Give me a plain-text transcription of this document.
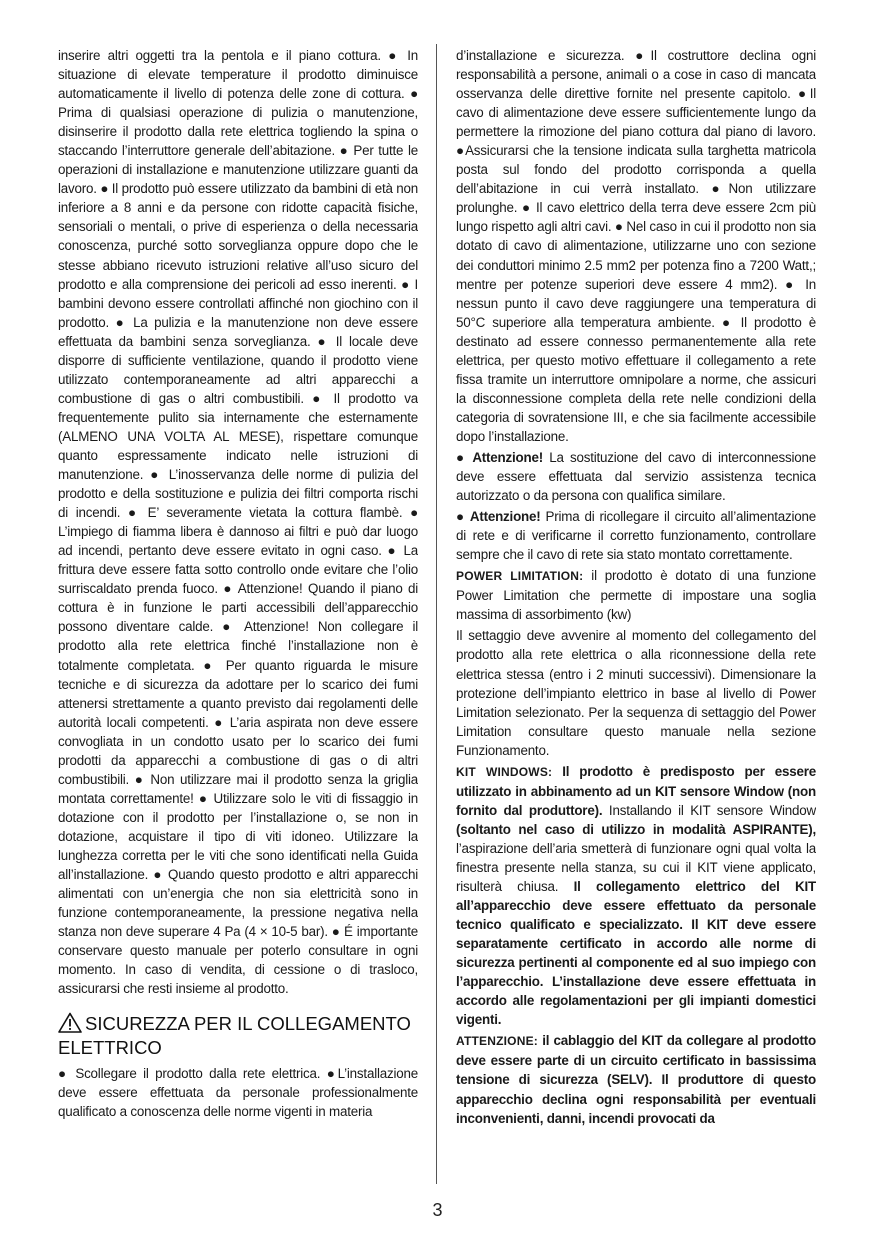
inserire altri oggetti tra la pentola e il piano cottura. ● In situazione di elevate temperature il prodotto diminuisce automaticamente il livello di potenza delle zone di cottura. ● Prima di qualsiasi operazione di pulizia o manutenzione, disinserire il prodotto dalla rete elettrica togliendo la spina o staccando l’interruttore generale dell’abitazione. ● Per tutte le operazioni di installazione e manutenzione utilizzare guanti da lavoro. ● Il prodotto può essere utilizzato da bambini di età non inferiore a 8 anni e da persone con ridotte capacità fisiche, sensoriali o mentali, o prive di esperienza o della necessaria conoscenza, purché sotto sorveglianza oppure dopo che le stesse abbiano ricevuto istruzioni relative all’uso sicuro del prodotto e alla comprensione dei pericoli ad esso inerenti. ● I bambini devono essere controllati affinché non giochino con il prodotto. ● La pulizia e la manutenzione non deve essere effettuata da bambini senza sorveglianza. ● Il locale deve disporre di sufficiente ventilazione, quando il prodotto viene utilizzato contemporaneamente ad altri apparecchi a combustione di gas o altri combustibili. ● Il prodotto va frequentemente pulito sia internamente che esternamente (ALMENO UNA VOLTA AL MESE), rispettare comunque quanto espressamente indicato nelle istruzioni di manutenzione. ● L’inosservanza delle norme di pulizia del prodotto e della sostituzione e pulizia dei filtri comporta rischi di incendi. ● E’ severamente vietata la cottura flambè. ● L’impiego di fiamma libera è dannoso ai filtri e può dar luogo ad incendi, pertanto deve essere evitato in ogni caso. ● La frittura deve essere fatta sotto controllo onde evitare che l’olio surriscaldato prenda fuoco. ● Attenzione! Quando il piano di cottura è in funzione le parti accessibili dell’apparecchio possono diventare calde. ● Attenzione! Non collegare il prodotto alla rete elettrica finché l’installazione non è totalmente completata. ● Per quanto riguarda le misure tecniche e di sicurezza da adottare per lo scarico dei fumi attenersi strettamente a quanto previsto dai regolamenti delle autorità locali competenti. ● L’aria aspirata non deve essere convogliata in un condotto usato per lo scarico dei fumi prodotti da apparecchi a combustione di gas o di altri combustibili. ● Non utilizzare mai il prodotto senza la griglia montata correttamente! ● Utilizzare solo le viti di fissaggio in dotazione con il prodotto per l’installazione o, se non in dotazione, acquistare il tipo di viti idoneo. Utilizzare la lunghezza corretta per le viti che sono identificati nella Guida all’installazione. ● Quando questo prodotto e altri apparecchi alimentati con un’energia che non sia elettricità sono in funzione contemporaneamente, la pressione negativa nella stanza non deve superare 4 Pa (4 × 10-5 bar). ● É importante conservare questo manuale per poterlo consultare in ogni momento. In caso di vendita, di cessione o di trasloco, assicurarsi che resti insieme al prodotto.

SICUREZZA PER IL COLLEGAMENTO ELETTRICO

● Scollegare il prodotto dalla rete elettrica. ●L’installazione deve essere effettuata da personale professionalmente qualificato a conoscenza delle norme vigenti in materia

d’installazione e sicurezza. ●Il costruttore declina ogni responsabilità a persone, animali o a cose in caso di mancata osservanza delle direttive fornite nel presente capitolo. ●Il cavo di alimentazione deve essere sufficientemente lungo da permettere la rimozione del piano cottura dal piano di lavoro. ●Assicurarsi che la tensione indicata sulla targhetta matricola posta sul fondo del prodotto corrisponda a quella dell’abitazione in cui verrà installato. ●Non utilizzare prolunghe. ● Il cavo elettrico della terra deve essere 2cm più lungo rispetto agli altri cavi. ● Nel caso in cui il prodotto non sia dotato di cavo di alimentazione, utilizzarne uno con sezione dei conduttori minimo 2.5 mm2 per potenza fino a 7200 Watt,; mentre per potenze superiori deve essere 4 mm2). ● In nessun punto il cavo deve raggiungere una temperatura di 50°C superiore alla temperatura ambiente. ● Il prodotto è destinato ad essere connesso permanentemente alla rete elettrica, per questo motivo effettuare il collegamento a rete fissa tramite un interruttore omnipolare a norme, che assicuri la disconnessione completa della rete nelle condizioni della categoria di sovratensione III, e che sia facilmente accessibile dopo l’installazione.

● Attenzione! La sostituzione del cavo di interconnessione deve essere effettuata dal servizio assistenza tecnica autorizzato o da persona con qualifica similare.

● Attenzione! Prima di ricollegare il circuito all’alimentazione di rete e di verificarne il corretto funzionamento, controllare sempre che il cavo di rete sia stato montato correttamente.

POWER LIMITATION: il prodotto è dotato di una funzione Power Limitation che permette di impostare una soglia massima di assorbimento (kw)

Il settaggio deve avvenire al momento del collegamento del prodotto alla rete elettrica o alla riconnessione della rete elettrica stessa (entro i 2 minuti successivi). Dimensionare la protezione dell’impianto elettrico in base al livello di Power Limitation selezionato. Per la sequenza di settaggio del Power Limitation consultare questo manuale nella sezione Funzionamento.

KIT WINDOWS: Il prodotto è predisposto per essere utilizzato in abbinamento ad un KIT sensore Window (non fornito dal produttore). Installando il KIT sensore Window (soltanto nel caso di utilizzo in modalità ASPIRANTE), l’aspirazione dell’aria smetterà di funzionare ogni qual volta la finestra presente nella stanza, su cui il KIT viene applicato, risulterà chiusa. Il collegamento elettrico del KIT all’apparecchio deve essere effettuato da personale tecnico qualificato e specializzato. Il KIT deve essere separatamente certificato in accordo alle norme di sicurezza pertinenti al componente ed al suo impiego con l’apparecchio. L’installazione deve essere effettuata in accordo alle regolamentazioni per gli impianti domestici vigenti.

ATTENZIONE: il cablaggio del KIT da collegare al prodotto deve essere parte di un circuito certificato in bassissima tensione di sicurezza (SELV). Il produttore di questo apparecchio declina ogni responsabilità per eventuali inconvenienti, danni, incendi provocati da

3
